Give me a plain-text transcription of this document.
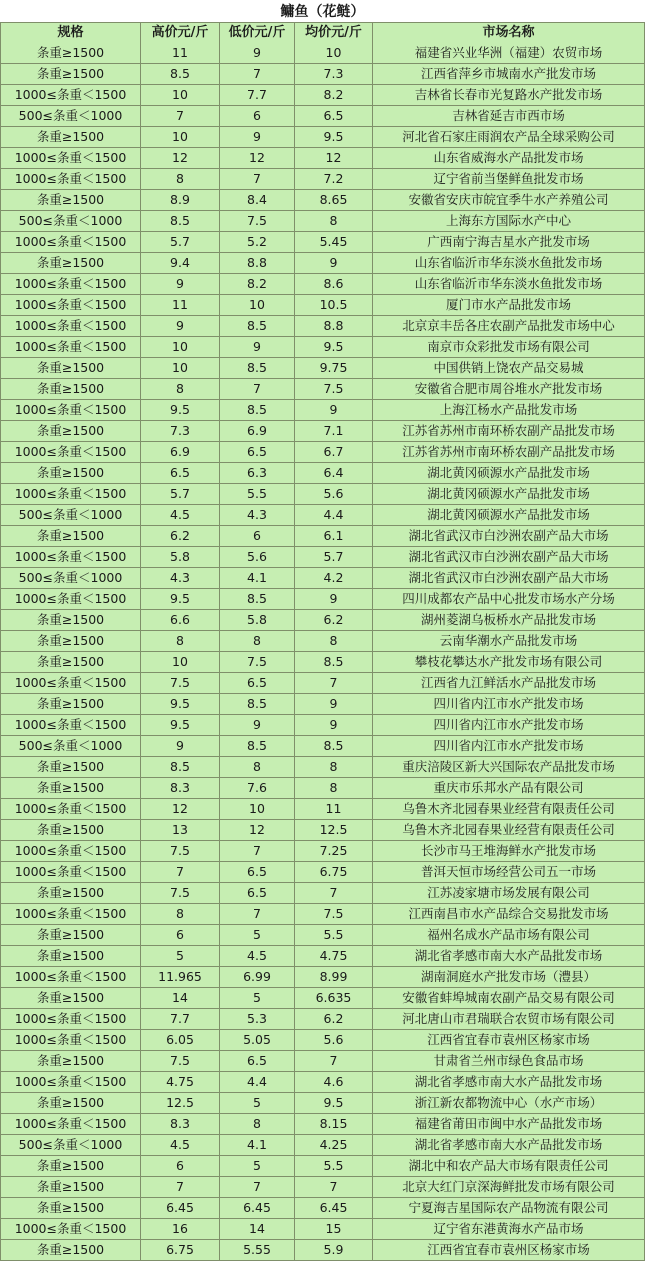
鳙鱼（花鲢）
规格	高价元/斤	低价元/斤	均价元/斤	市场名称
条重≥1500	11	9	10	福建省兴业华洲（福建）农贸市场
条重≥1500	8.5	7	7.3	江西省萍乡市城南水产批发市场
1000≤条重＜1500	10	7.7	8.2	吉林省长春市光复路水产批发市场
500≤条重＜1000	7	6	6.5	吉林省延吉市西市场
条重≥1500	10	9	9.5	河北省石家庄雨润农产品全球采购公司
1000≤条重＜1500	12	12	12	山东省威海水产品批发市场
1000≤条重＜1500	8	7	7.2	辽宁省前当堡鲜鱼批发市场
条重≥1500	8.9	8.4	8.65	安徽省安庆市皖宜季牛水产养殖公司
500≤条重＜1000	8.5	7.5	8	上海东方国际水产中心
1000≤条重＜1500	5.7	5.2	5.45	广西南宁海吉星水产批发市场
条重≥1500	9.4	8.8	9	山东省临沂市华东淡水鱼批发市场
1000≤条重＜1500	9	8.2	8.6	山东省临沂市华东淡水鱼批发市场
1000≤条重＜1500	11	10	10.5	厦门市水产品批发市场
1000≤条重＜1500	9	8.5	8.8	北京京丰岳各庄农副产品批发市场中心
1000≤条重＜1500	10	9	9.5	南京市众彩批发市场有限公司
条重≥1500	10	8.5	9.75	中国供销上饶农产品交易城
条重≥1500	8	7	7.5	安徽省合肥市周谷堆水产批发市场
1000≤条重＜1500	9.5	8.5	9	上海江杨水产品批发市场
条重≥1500	7.3	6.9	7.1	江苏省苏州市南环桥农副产品批发市场
1000≤条重＜1500	6.9	6.5	6.7	江苏省苏州市南环桥农副产品批发市场
条重≥1500	6.5	6.3	6.4	湖北黄冈硕源水产品批发市场
1000≤条重＜1500	5.7	5.5	5.6	湖北黄冈硕源水产品批发市场
500≤条重＜1000	4.5	4.3	4.4	湖北黄冈硕源水产品批发市场
条重≥1500	6.2	6	6.1	湖北省武汉市白沙洲农副产品大市场
1000≤条重＜1500	5.8	5.6	5.7	湖北省武汉市白沙洲农副产品大市场
500≤条重＜1000	4.3	4.1	4.2	湖北省武汉市白沙洲农副产品大市场
1000≤条重＜1500	9.5	8.5	9	四川成都农产品中心批发市场水产分场
条重≥1500	6.6	5.8	6.2	湖州菱湖乌板桥水产品批发市场
条重≥1500	8	8	8	云南华潮水产品批发市场
条重≥1500	10	7.5	8.5	攀枝花攀达水产批发市场有限公司
1000≤条重＜1500	7.5	6.5	7	江西省九江鲜活水产品批发市场
条重≥1500	9.5	8.5	9	四川省内江市水产批发市场
1000≤条重＜1500	9.5	9	9	四川省内江市水产批发市场
500≤条重＜1000	9	8.5	8.5	四川省内江市水产批发市场
条重≥1500	8.5	8	8	重庆涪陵区新大兴国际农产品批发市场
条重≥1500	8.3	7.6	8	重庆市乐邦水产品有限公司
1000≤条重＜1500	12	10	11	乌鲁木齐北园春果业经营有限责任公司
条重≥1500	13	12	12.5	乌鲁木齐北园春果业经营有限责任公司
1000≤条重＜1500	7.5	7	7.25	长沙市马王堆海鲜水产批发市场
1000≤条重＜1500	7	6.5	6.75	普洱天恒市场经营公司五一市场
条重≥1500	7.5	6.5	7	江苏凌家塘市场发展有限公司
1000≤条重＜1500	8	7	7.5	江西南昌市水产品综合交易批发市场
条重≥1500	6	5	5.5	福州名成水产品市场有限公司
条重≥1500	5	4.5	4.75	湖北省孝感市南大水产品批发市场
1000≤条重＜1500	11.965	6.99	8.99	湖南洞庭水产批发市场（澧县）
条重≥1500	14	5	6.635	安徽省蚌埠城南农副产品交易有限公司
1000≤条重＜1500	7.7	5.3	6.2	河北唐山市君瑞联合农贸市场有限公司
1000≤条重＜1500	6.05	5.05	5.6	江西省宜春市袁州区杨家市场
条重≥1500	7.5	6.5	7	甘肃省兰州市绿色食品市场
1000≤条重＜1500	4.75	4.4	4.6	湖北省孝感市南大水产品批发市场
条重≥1500	12.5	5	9.5	浙江新农都物流中心（水产市场）
1000≤条重＜1500	8.3	8	8.15	福建省莆田市闽中水产品批发市场
500≤条重＜1000	4.5	4.1	4.25	湖北省孝感市南大水产品批发市场
条重≥1500	6	5	5.5	湖北中和农产品大市场有限责任公司
条重≥1500	7	7	7	北京大红门京深海鲜批发市场有限公司
条重≥1500	6.45	6.45	6.45	宁夏海吉星国际农产品物流有限公司
1000≤条重＜1500	16	14	15	辽宁省东港黄海水产品市场
条重≥1500	6.75	5.55	5.9	江西省宜春市袁州区杨家市场
